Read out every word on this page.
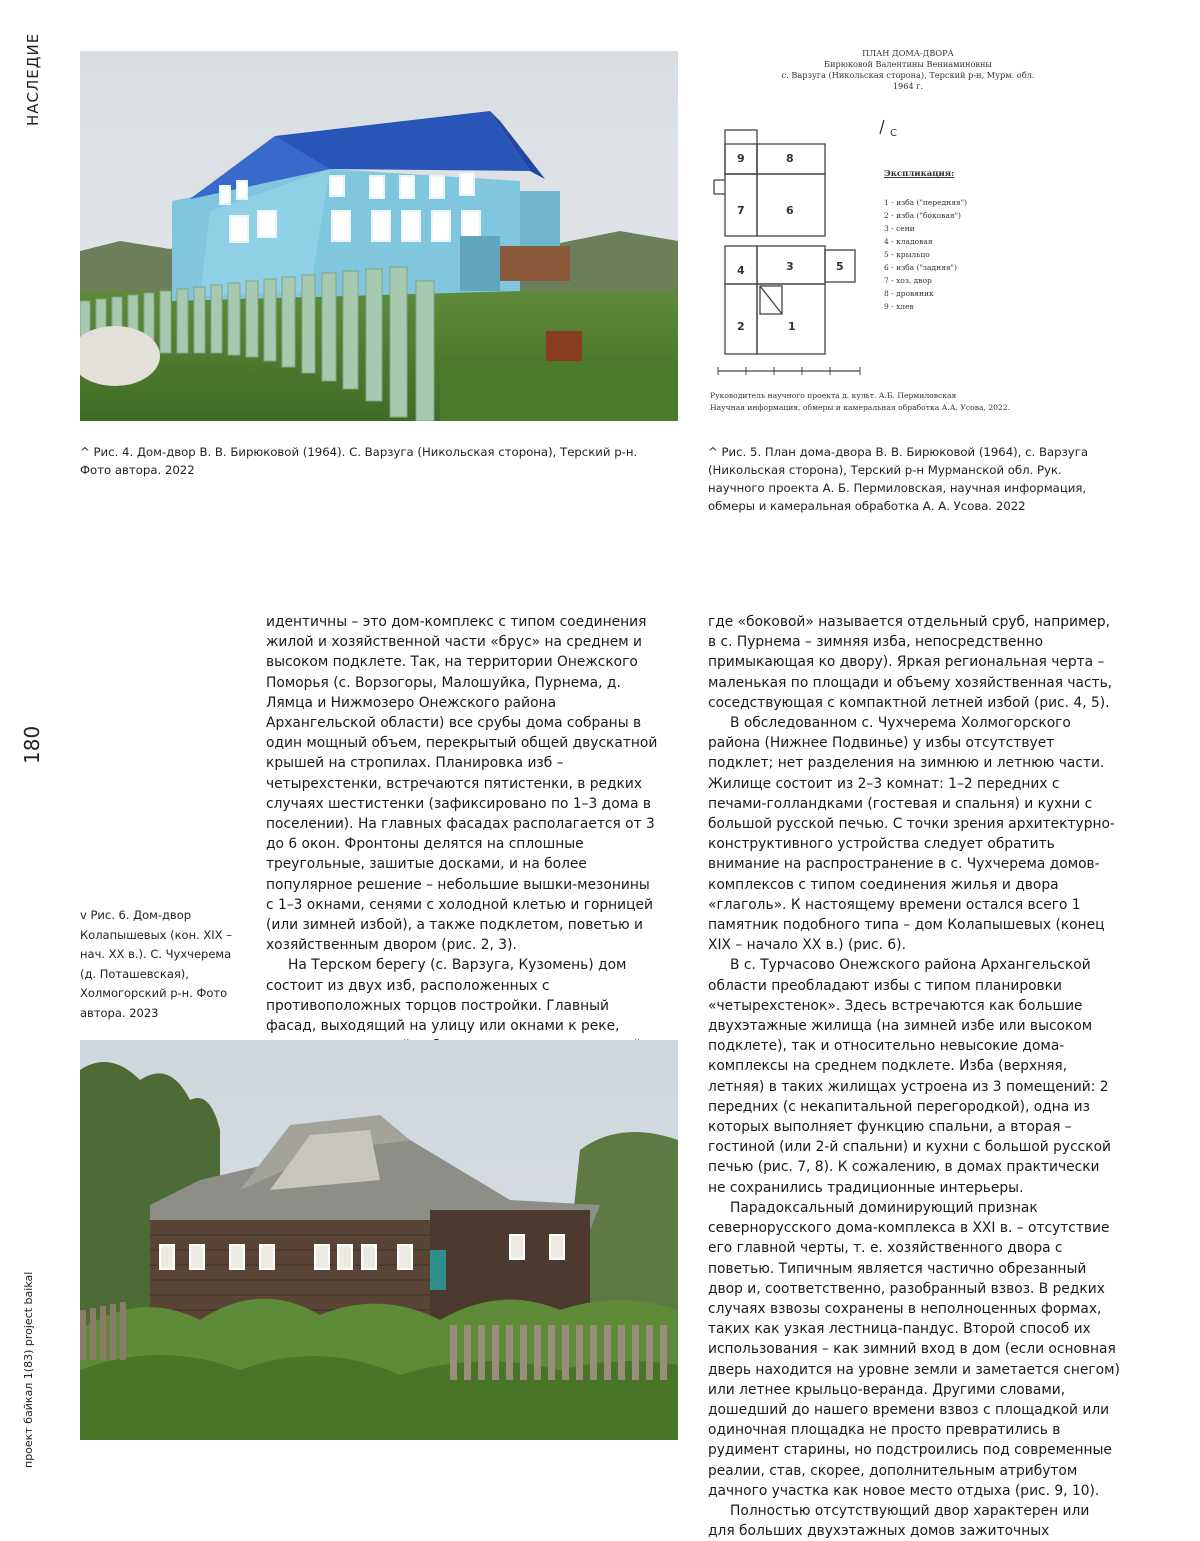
НАСЛЕДИЕ
180
проект байкал 1(83) project baikal
^ Рис. 4. Дом-двор В. В. Бирюковой (1964). С. Варзуга (Никольская сторона), Терский р-н. Фото автора. 2022
ПЛАН ДОМА-ДВОРА
Бирюковой Валентины Вениаминовны
с. Варзуга (Никольская сторона), Терский р-н, Мурм. обл.
1964 г.
С
9	8
7	6
4	3	5
2	1
Экспликация:
1 - изба ("передняя")
2 - изба ("боковая")
3 - сени
4 - кладовая
5 - крыльцо
6 - изба ("задняя")
7 - хоз. двор
8 - дровяник
9 - хлев
Руководитель научного проекта д. культ. А.Б. Пермиловская
Научная информация, обмеры и камеральная обработка А.А. Усова, 2022.
^ Рис. 5. План дома-двора В. В. Бирюковой (1964), с. Варзуга (Никольская сторона), Терский р-н Мурманской обл. Рук. научного проекта А. Б. Пермиловская, научная информация, обмеры и камеральная обработка А. А. Усова. 2022
v Рис. 6. Дом-двор Колапышевых (кон. XIX – нач. XX в.). С. Чухчерема (д. Поташевская), Холмогорский р-н. Фото автора. 2023

идентичны – это дом-комплекс с типом соединения жилой и хозяйственной части «брус» на среднем и высоком подклете. Так, на территории Онежского Поморья (с. Ворзогоры, Малошуйка, Пурнема, д. Лямца и Нижмозеро Онежского района Архангельской области) все срубы дома собраны в один мощный объем, перекрытый общей двускатной крышей на стропилах. Планировка изб – четырехстенки, встречаются пятистенки, в редких случаях шестистенки (зафиксировано по 1–3 дома в поселении). На главных фасадах располагается от 3 до 6 окон. Фронтоны делятся на сплошные треугольные, зашитые досками, и на более популярное решение – небольшие вышки-мезонины с 1–3 окнами, сенями с холодной клетью и горницей (или зимней избой), а также подклетом, поветью и хозяйственным двором (рис. 2, 3).

На Терском берегу (с. Варзуга, Кузомень) дом состоит из двух изб, расположенных с противоположных торцов постройки. Главный фасад, выходящий на улицу или окнами к реке,

где «боковой» называется отдельный сруб, например, в с. Пурнема – зимняя изба, непосредственно примыкающая ко двору). Яркая региональная черта – маленькая по площади и объему хозяйственная часть, соседствующая с компактной летней избой (рис. 4, 5).

В обследованном с. Чухчерема Холмогорского района (Нижнее Подвинье) у избы отсутствует подклет; нет разделения на зимнюю и летнюю части. Жилище состоит из 2–3 комнат: 1–2 передних с печами-голландками (гостевая и спальня) и кухни с большой русской печью. С точки зрения архитектурно-конструктивного устройства следует обратить внимание на распространение в с. Чухчерема домов-комплексов с типом соединения жилья и двора «глаголь». К настоящему времени остался всего 1 памятник подобного типа – дом Колапышевых (конец XIX – начало XX в.) (рис. 6).

В с. Турчасово Онежского района Архангельской области преобладают избы с типом планировки «четырехстенок». Здесь встречаются как большие двухэтажные жилища (на зимней избе или высоком подклете), так и относительно невысокие дома-комплексы на среднем подклете. Изба (верхняя, летняя) в таких жилищах устроена из 3 помещений: 2 передних (с некапитальной перегородкой), одна из которых выполняет функцию спальни, а вторая – гостиной (или 2-й спальни) и кухни с большой русской печью (рис. 7, 8). К сожалению, в домах практически не сохранились традиционные интерьеры.

Парадоксальный доминирующий признак севернорусского дома-комплекса в XXI в. – отсутствие его главной черты, т. е. хозяйственного двора с поветью. Типичным является частично обрезанный двор и, соответственно, разобранный взвоз. В редких случаях взвозы сохранены в неполноценных формах, таких как узкая лестница-пандус. Второй способ их использования – как зимний вход в дом (если основная дверь находится на уровне земли и заметается снегом) или летнее крыльцо-веранда. Другими словами, дошедший до нашего времени взвоз с площадкой или одиночная площадка не просто превратились в рудимент старины, но подстроились под современные реалии, став, скорее, дополнительным атрибутом дачного участка как новое место отдыха (рис. 9, 10).

Полностью отсутствующий двор характерен или для больших двухэтажных домов зажиточных
